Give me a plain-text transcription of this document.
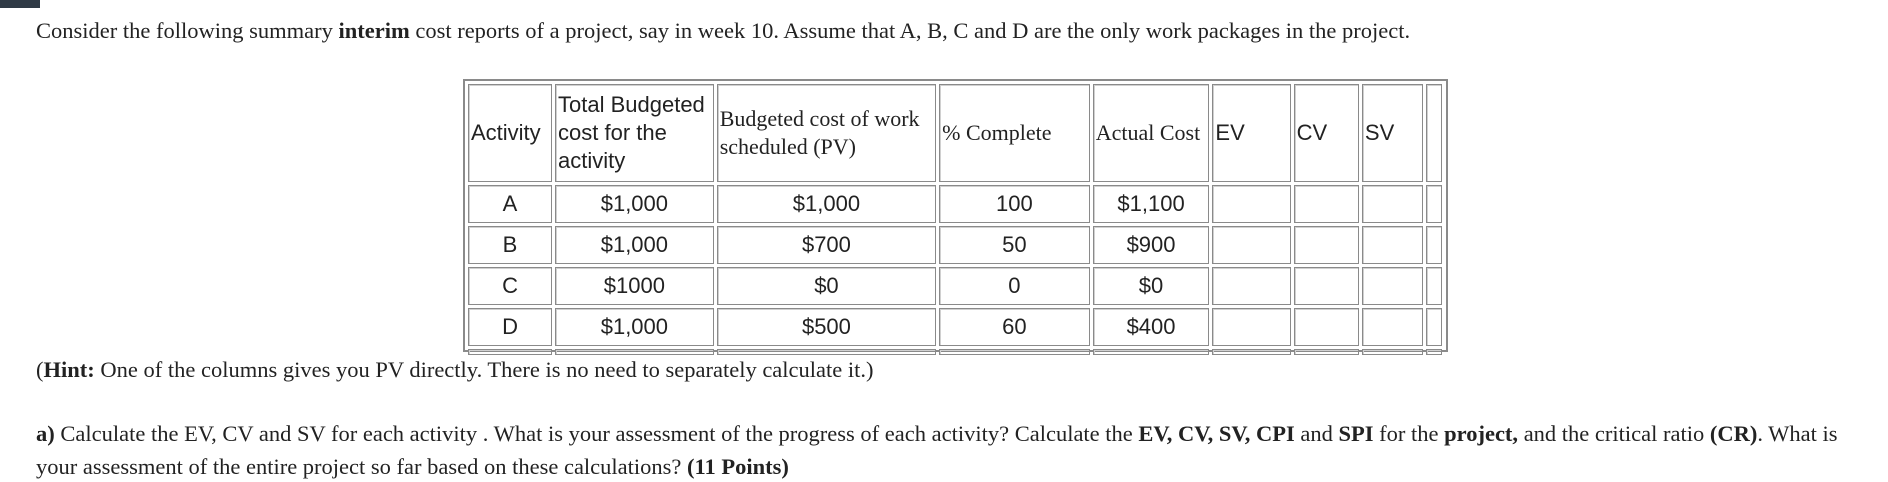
Consider the following summary interim cost reports of a project, say in week 10. Assume that A, B, C and D are the only work packages in the project.
Activity	Total Budgeted cost for the activity	Budgeted cost of work scheduled (PV)	% Complete	Actual Cost	EV	CV	SV	
A	$1,000	$1,000	100	$1,100				
B	$1,000	$700	50	$900				
C	$1000	$0	0	$0				
D	$1,000	$500	60	$400				

(Hint: One of the columns gives you PV directly. There is no need to separately calculate it.)
a) Calculate the EV, CV and SV for each activity . What is your assessment of the progress of each activity? Calculate the EV, CV, SV, CPI and SPI for the project, and the critical ratio (CR). What is your assessment of the entire project so far based on these calculations? (11 Points)
